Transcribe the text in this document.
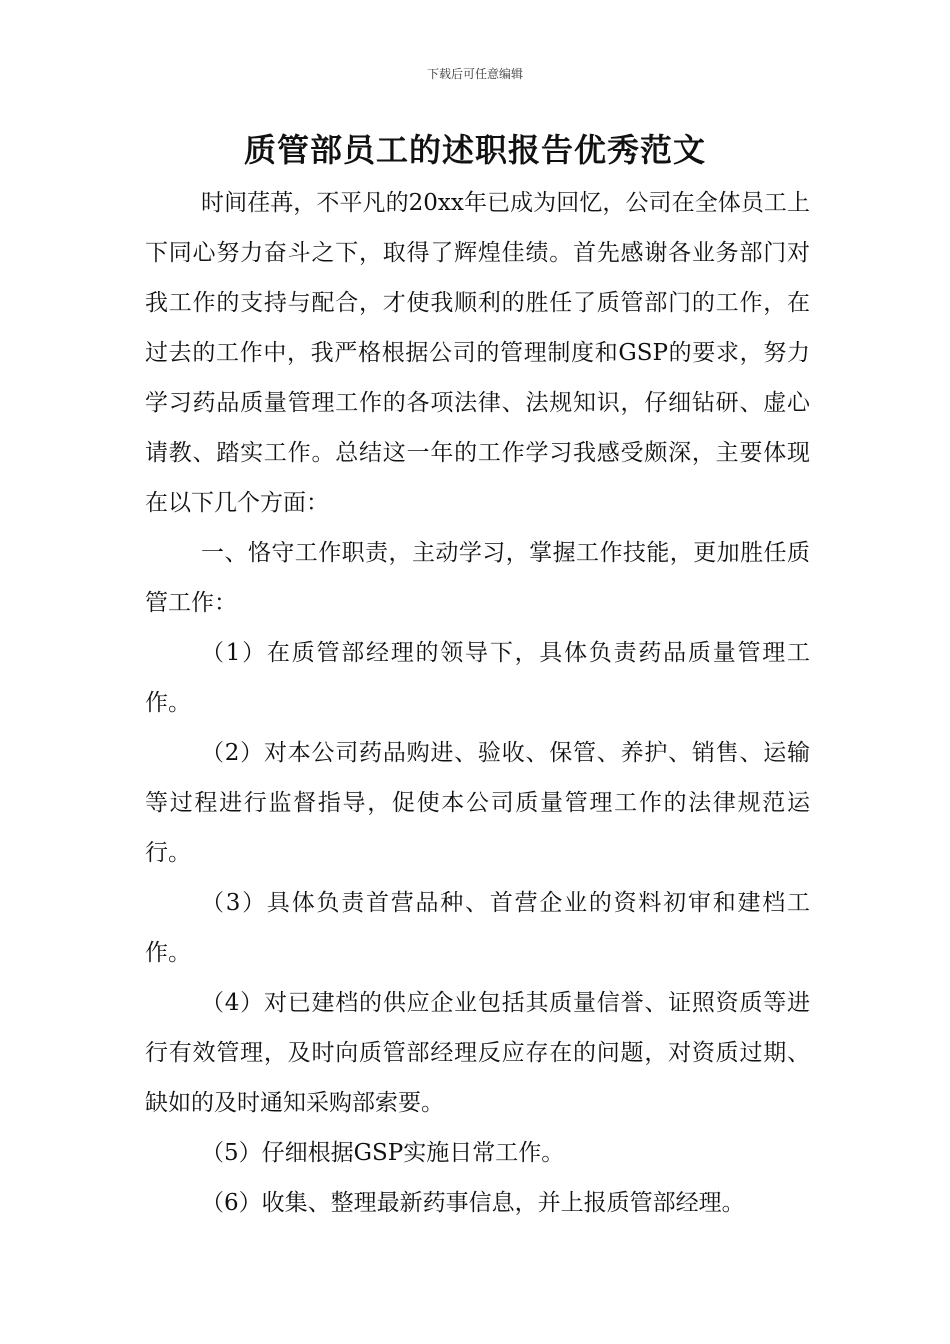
下载后可任意编辑
质管部员工的述职报告优秀范文

时间荏苒，不平凡的20xx年已成为回忆，公司在全体员工上下同心努力奋斗之下，取得了辉煌佳绩。首先感谢各业务部门对我工作的支持与配合，才使我顺利的胜任了质管部门的工作，在过去的工作中，我严格根据公司的管理制度和GSP的要求，努力学习药品质量管理工作的各项法律、法规知识，仔细钻研、虚心请教、踏实工作。总结这一年的工作学习我感受颇深，主要体现在以下几个方面：

一、恪守工作职责，主动学习，掌握工作技能，更加胜任质管工作：

（1）在质管部经理的领导下，具体负责药品质量管理工作。

（2）对本公司药品购进、验收、保管、养护、销售、运输等过程进行监督指导，促使本公司质量管理工作的法律规范运行。

（3）具体负责首营品种、首营企业的资料初审和建档工作。

（4）对已建档的供应企业包括其质量信誉、证照资质等进行有效管理，及时向质管部经理反应存在的问题，对资质过期、缺如的及时通知采购部索要。

（5）仔细根据GSP实施日常工作。

（6）收集、整理最新药事信息，并上报质管部经理。
